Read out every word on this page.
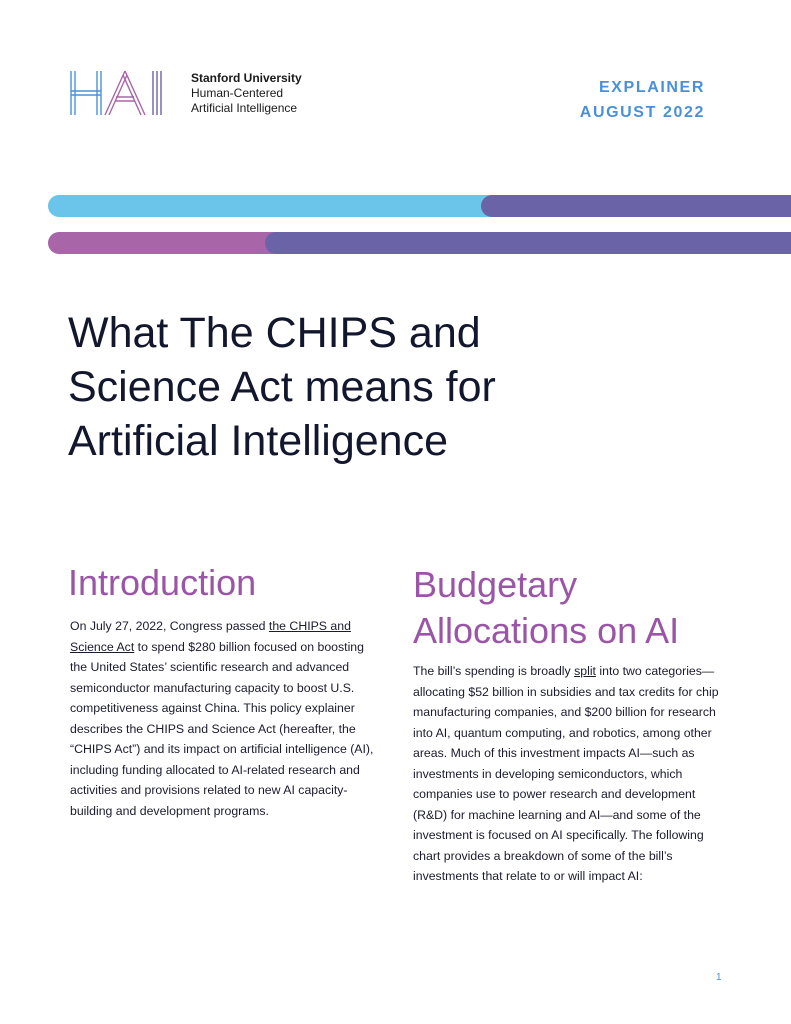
Stanford University
Human-Centered
Artificial Intelligence
EXPLAINER
AUGUST 2022
What The CHIPS and Science Act means for Artificial Intelligence
Introduction

On July 27, 2022, Congress passed the CHIPS and Science Act to spend $280 billion focused on boosting the United States’ scientific research and advanced semiconductor manufacturing capacity to boost U.S. competitiveness against China. This policy explainer describes the CHIPS and Science Act (hereafter, the “CHIPS Act”) and its impact on artificial intelligence (AI), including funding allocated to AI-related research and activities and provisions related to new AI capacity-building and development programs.

Budgetary Allocations on AI

The bill’s spending is broadly split into two categories—allocating $52 billion in subsidies and tax credits for chip manufacturing companies, and $200 billion for research into AI, quantum computing, and robotics, among other areas. Much of this investment impacts AI—such as investments in developing semiconductors, which companies use to power research and development (R&D) for machine learning and AI—and some of the investment is focused on AI specifically. The following chart provides a breakdown of some of the bill’s investments that relate to or will impact AI:

1
